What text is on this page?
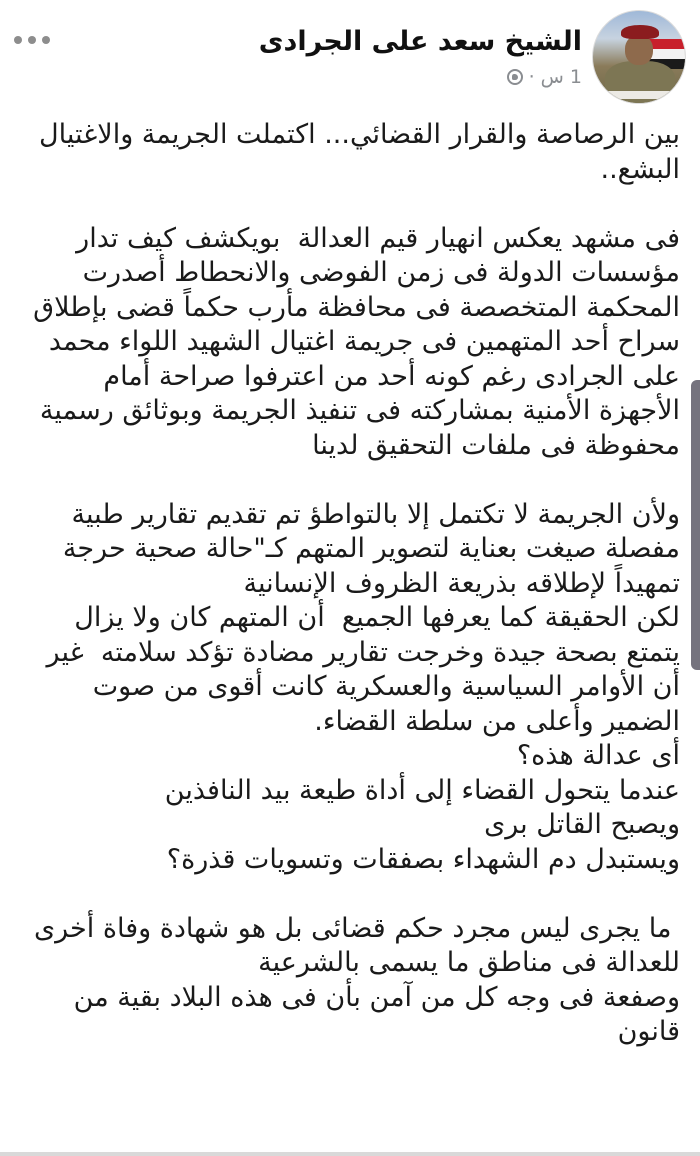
الشيخ سعد على الجرادى
1 س
·

بين الرصاصة والقرار القضائي... اكتملت الجريمة والاغتيال البشع..

فى مشهد يعكس انهيار قيم العدالة  بويكشف كيف تدار مؤسسات الدولة فى زمن الفوضى والانحطاط أصدرت المحكمة المتخصصة فى محافظة مأرب حكماً قضى بإطلاق سراح أحد المتهمين فى جريمة اغتيال الشهيد اللواء محمد على الجرادى رغم كونه أحد من اعترفوا صراحة أمام الأجهزة الأمنية بمشاركته فى تنفيذ الجريمة وبوثائق رسمية محفوظة فى ملفات التحقيق لدينا

ولأن الجريمة لا تكتمل إلا بالتواطؤ تم تقديم تقارير طبية مفصلة صيغت بعناية لتصوير المتهم كـ"حالة صحية حرجة تمهيداً لإطلاقه بذريعة الظروف الإنسانية

لكن الحقيقة كما يعرفها الجميع  أن المتهم كان ولا يزال يتمتع بصحة جيدة وخرجت تقارير مضادة تؤكد سلامته  غير أن الأوامر السياسية والعسكرية كانت أقوى من صوت الضمير وأعلى من سلطة القضاء.

أى عدالة هذه؟

عندما يتحول القضاء إلى أداة طيعة بيد النافذين

ويصبح القاتل برى

ويستبدل دم الشهداء بصفقات وتسويات قذرة؟

ما يجرى ليس مجرد حكم قضائى بل هو شهادة وفاة أخرى للعدالة فى مناطق ما يسمى بالشرعية

وصفعة فى وجه كل من آمن بأن فى هذه البلاد بقية من قانون
